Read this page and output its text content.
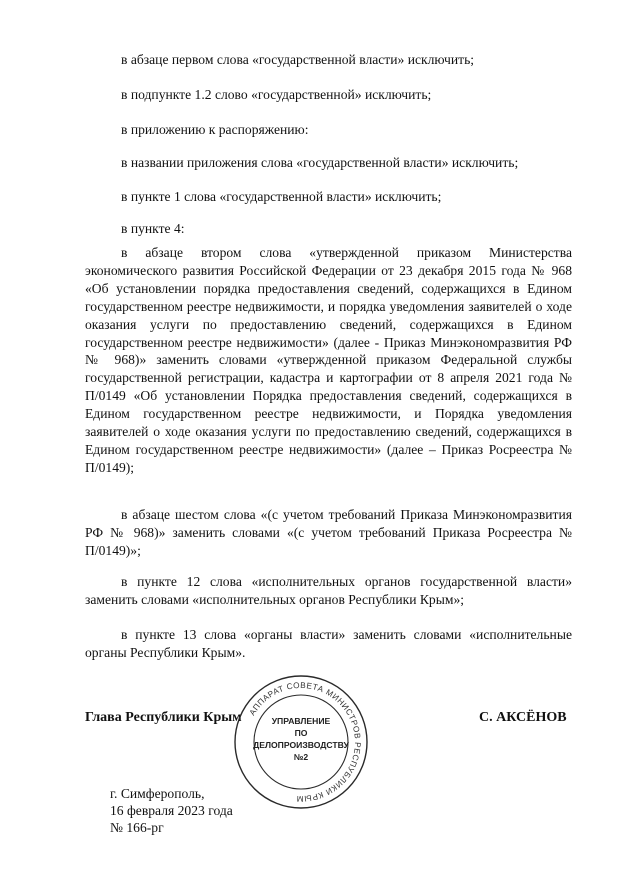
в абзаце первом слова «государственной власти» исключить;
в подпункте 1.2 слово «государственной» исключить;
в приложению к распоряжению:
в названии приложения слова «государственной власти» исключить;
в пункте 1 слова «государственной власти» исключить;
в пункте 4:
в абзаце втором слова «утвержденной приказом Министерства экономического развития Российской Федерации от 23 декабря 2015 года № 968 «Об установлении порядка предоставления сведений, содержащихся в Едином государственном реестре недвижимости, и порядка уведомления заявителей о ходе оказания услуги по предоставлению сведений, содержащихся в Едином государственном реестре недвижимости» (далее - Приказ Минэкономразвития РФ № 968)» заменить словами «утвержденной приказом Федеральной службы государственной регистрации, кадастра и картографии от 8 апреля 2021 года № П/0149 «Об установлении Порядка предоставления сведений, содержащихся в Едином государственном реестре недвижимости, и Порядка уведомления заявителей о ходе оказания услуги по предоставлению сведений, содержащихся в Едином государственном реестре недвижимости» (далее – Приказ Росреестра № П/0149);
в абзаце шестом слова «(с учетом требований Приказа Минэкономразвития РФ № 968)» заменить словами «(с учетом требований Приказа Росреестра № П/0149)»;
в пункте 12 слова «исполнительных органов государственной власти» заменить словами «исполнительных органов Республики Крым»;
в пункте 13 слова «органы власти» заменить словами «исполнительные органы Республики Крым».
Глава Республики Крым	С. АКСЁНОВ
АППАРАТ СОВЕТА МИНИСТРОВ РЕСПУБЛИКИ КРЫМ
УПРАВЛЕНИЕ
ПО
ДЕЛОПРОИЗВОДСТВУ
№2
г. Симферополь,
16 февраля 2023 года
№ 166-рг
